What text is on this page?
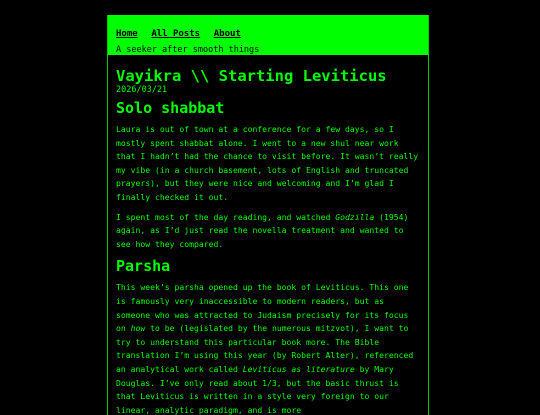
Home All Posts About
A seeker after smooth things
Vayikra \\ Starting Leviticus
2026/03/21
Solo shabbat

Laura is out of town at a conference for a few days, so I mostly spent shabbat alone. I went to a new shul near work that I hadn’t had the chance to visit before. It wasn’t really my vibe (in a church basement, lots of English and truncated prayers), but they were nice and welcoming and I’m glad I finally checked it out.

I spent most of the day reading, and watched Godzilla (1954) again, as I’d just read the novella treatment and wanted to see how they compared.

Parsha

This week’s parsha opened up the book of Leviticus. This one is famously very inaccessible to modern readers, but as someone who was attracted to Judaism precisely for its focus on how to be (legislated by the numerous mitzvot), I want to try to understand this particular book more. The Bible translation I’m using this year (by Robert Alter), referenced an analytical work called Leviticus as literature by Mary Douglas. I’ve only read about 1/3, but the basic thrust is that Leviticus is written in a style very foreign to our linear, analytic paradigm, and is more
